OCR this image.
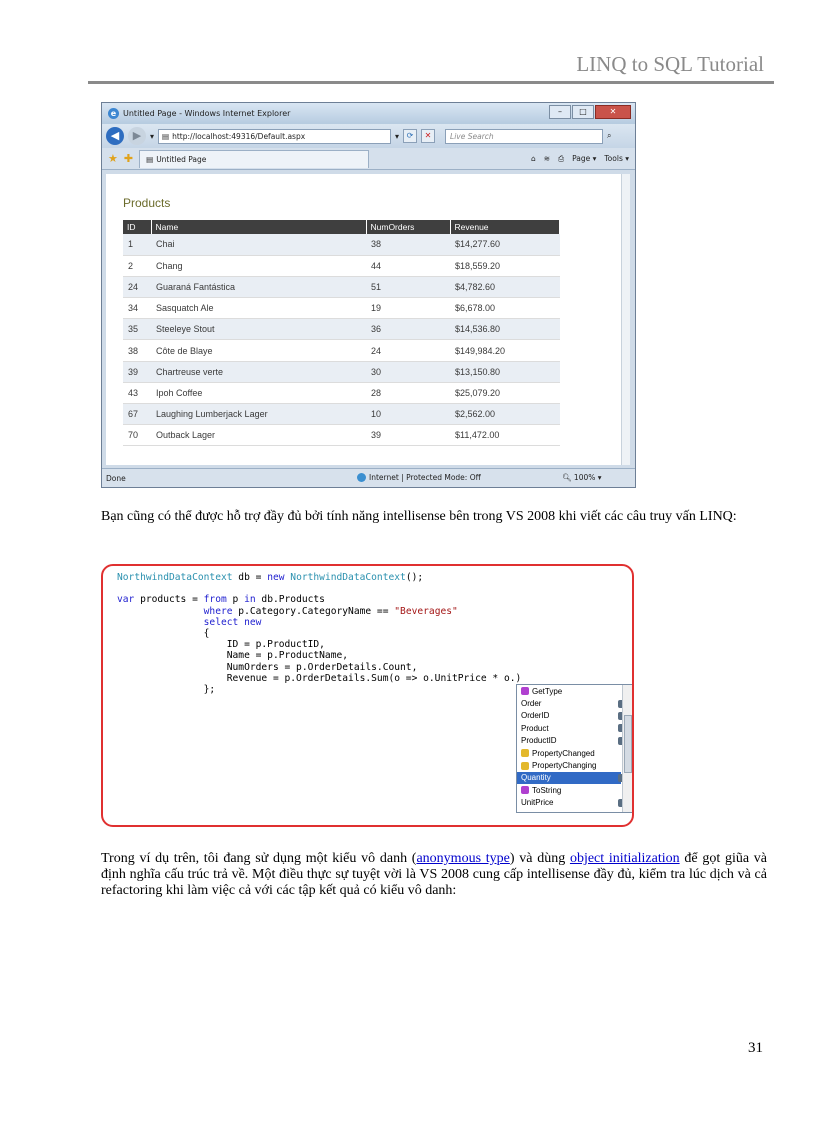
LINQ to SQL Tutorial
e Untitled Page - Windows Internet Explorer	–	□	✕
◀	▶	▾ ▤ http://localhost:49316/Default.aspx	▾ ⟳	✕	Live Search	⌕
★ ✚ ▤ Untitled Page	⌂ ≋ ⎙ Page ▾ Tools ▾
Products
ID	Name	NumOrders	Revenue
1	Chai	38	$14,277.60
2	Chang	44	$18,559.20
24	Guaraná Fantástica	51	$4,782.60
34	Sasquatch Ale	19	$6,678.00
35	Steeleye Stout	36	$14,536.80
38	Côte de Blaye	24	$149,984.20
39	Chartreuse verte	30	$13,150.80
43	Ipoh Coffee	28	$25,079.20
67	Laughing Lumberjack Lager	10	$2,562.00
70	Outback Lager	39	$11,472.00
Done	Internet | Protected Mode: Off	🔍︎ 100% ▾
Bạn cũng có thể được hỗ trợ đầy đủ bởi tính năng intellisense bên trong VS 2008 khi viết các câu truy vấn LINQ:
NorthwindDataContext db = new NorthwindDataContext();

var products = from p in db.Products
where p.Category.CategoryName == "Beverages"
select new
{
ID = p.ProductID,
Name = p.ProductName,
NumOrders = p.OrderDetails.Count,
Revenue = p.OrderDetails.Sum(o => o.UnitPrice * o.)
};	GetType
Order
OrderID
Product
ProductID
PropertyChanged
PropertyChanging
Quantity
ToString
UnitPrice
Trong ví dụ trên, tôi đang sử dụng một kiểu vô danh (anonymous type) và dùng object initialization để gọt giũa và định nghĩa cấu trúc trả về. Một điều thực sự tuyệt vời là VS 2008 cung cấp intellisense đầy đủ, kiểm tra lúc dịch và cả refactoring khi làm việc cả với các tập kết quả có kiểu vô danh:
31
